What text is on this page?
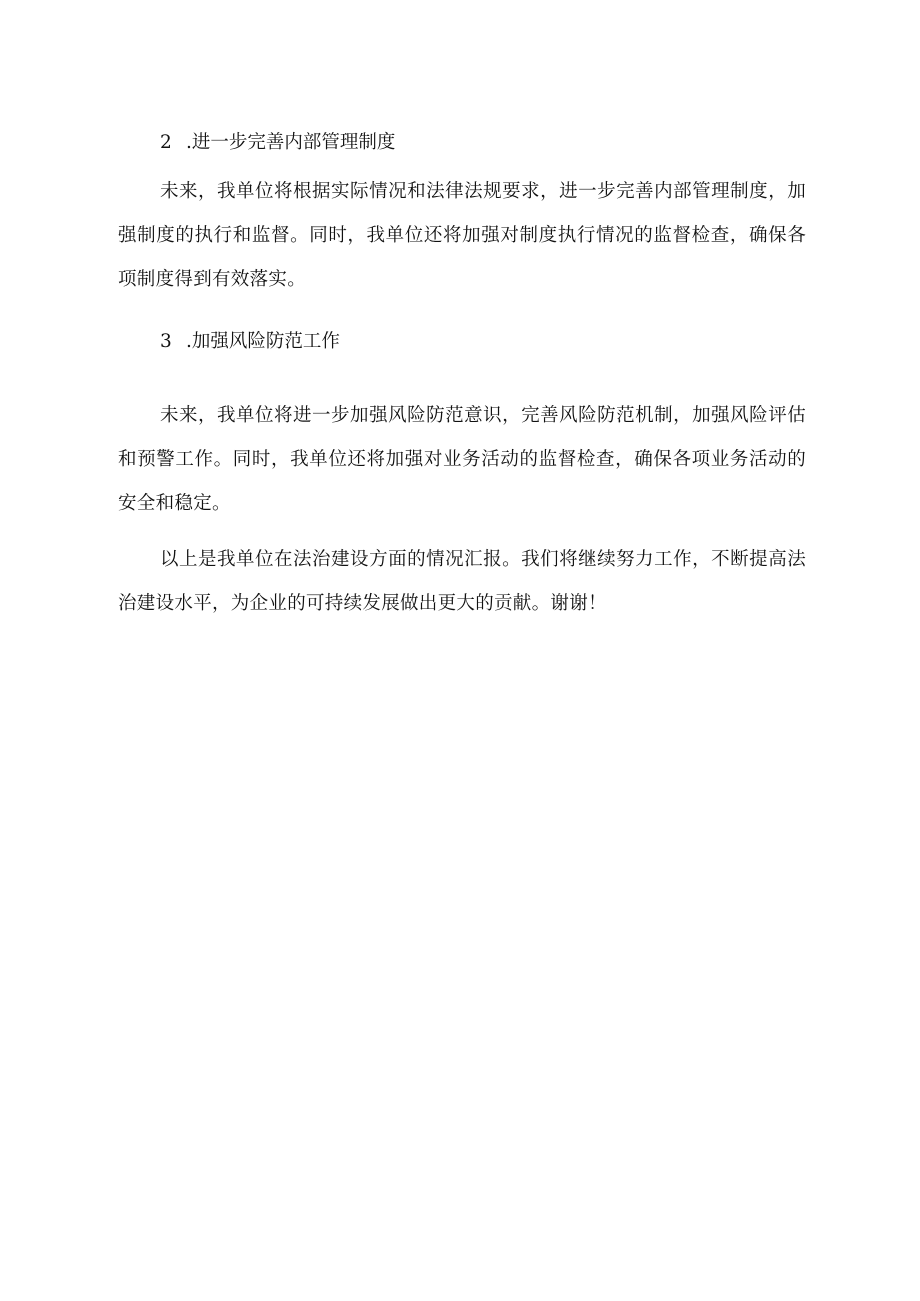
2 .进一步完善内部管理制度

未来，我单位将根据实际情况和法律法规要求，进一步完善内部管理制度，加强制度的执行和监督。同时，我单位还将加强对制度执行情况的监督检查，确保各项制度得到有效落实。

3 .加强风险防范工作

未来，我单位将进一步加强风险防范意识，完善风险防范机制，加强风险评估和预警工作。同时，我单位还将加强对业务活动的监督检查，确保各项业务活动的安全和稳定。

以上是我单位在法治建设方面的情况汇报。我们将继续努力工作，不断提高法治建设水平，为企业的可持续发展做出更大的贡献。谢谢！
